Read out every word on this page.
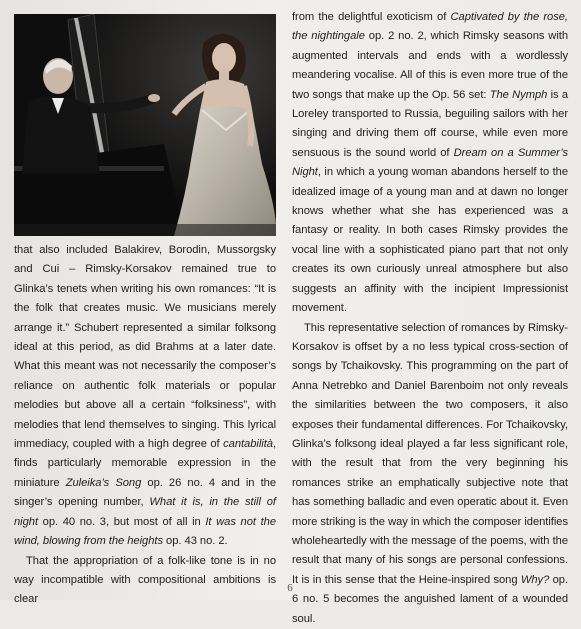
that also included Balakirev, Borodin, Mussorgsky and Cui – Rimsky-Korsakov remained true to Glinka’s tenets when writing his own romances: “It is the folk that creates music. We musicians merely arrange it.” Schubert represented a similar folksong ideal at this period, as did Brahms at a later date. What this meant was not necessarily the composer’s reliance on authentic folk materials or popular melodies but above all a certain “folksiness”, with melodies that lend themselves to singing. This lyrical immediacy, coupled with a high degree of cantabilità, finds particularly memorable expression in the miniature Zuleika’s Song op. 26 no. 4 and in the singer’s opening number, What it is, in the still of night op. 40 no. 3, but most of all in It was not the wind, blowing from the heights op. 43 no. 2.

That the appropriation of a folk-like tone is in no way incompatible with compositional ambitions is clear

from the delightful exoticism of Captivated by the rose, the nightingale op. 2 no. 2, which Rimsky seasons with augmented intervals and ends with a wordlessly meandering vocalise. All of this is even more true of the two songs that make up the Op. 56 set: The Nymph is a Loreley transported to Russia, beguiling sailors with her singing and driving them off course, while even more sensuous is the sound world of Dream on a Summer’s Night, in which a young woman abandons herself to the idealized image of a young man and at dawn no longer knows whether what she has experienced was a fantasy or reality. In both cases Rimsky provides the vocal line with a sophisticated piano part that not only creates its own curiously unreal atmosphere but also suggests an affinity with the incipient Impressionist movement.

This representative selection of romances by Rimsky-Korsakov is offset by a no less typical cross-section of songs by Tchaikovsky. This programming on the part of Anna Netrebko and Daniel Barenboim not only reveals the similarities between the two composers, it also exposes their fundamental differences. For Tchaikovsky, Glinka’s folksong ideal played a far less significant role, with the result that from the very beginning his romances strike an emphatically subjective note that has something balladic and even operatic about it. Even more striking is the way in which the composer identifies wholeheartedly with the message of the poems, with the result that many of his songs are personal confessions. It is in this sense that the Heine-inspired song Why? op. 6 no. 5 becomes the anguished lament of a wounded soul.

6
